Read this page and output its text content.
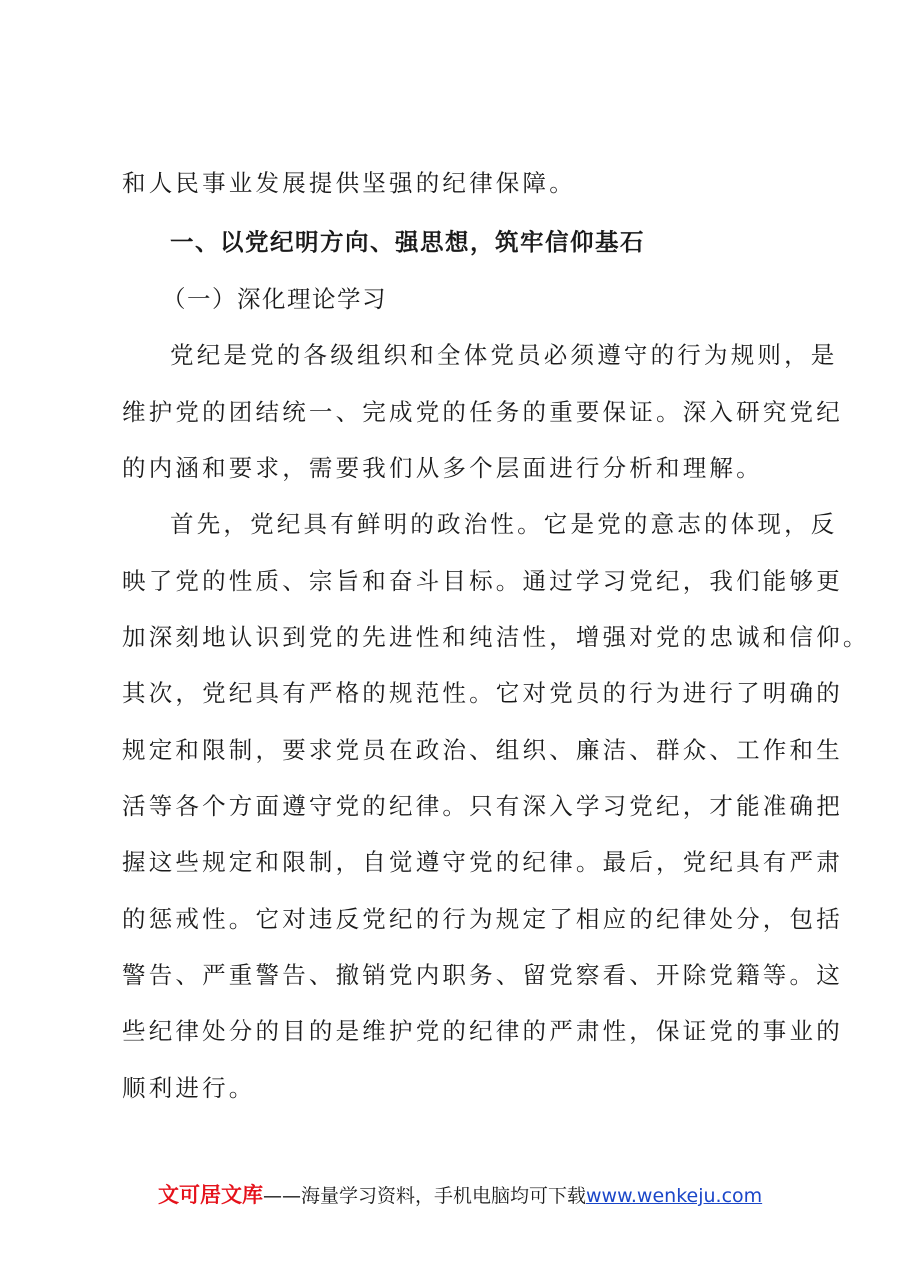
和人民事业发展提供坚强的纪律保障。
一、以党纪明方向、强思想，筑牢信仰基石
（一）深化理论学习
党纪是党的各级组织和全体党员必须遵守的行为规则，是
维护党的团结统一、完成党的任务的重要保证。深入研究党纪
的内涵和要求，需要我们从多个层面进行分析和理解。
首先，党纪具有鲜明的政治性。它是党的意志的体现，反
映了党的性质、宗旨和奋斗目标。通过学习党纪，我们能够更
加深刻地认识到党的先进性和纯洁性，增强对党的忠诚和信仰。
其次，党纪具有严格的规范性。它对党员的行为进行了明确的
规定和限制，要求党员在政治、组织、廉洁、群众、工作和生
活等各个方面遵守党的纪律。只有深入学习党纪，才能准确把
握这些规定和限制，自觉遵守党的纪律。最后，党纪具有严肃
的惩戒性。它对违反党纪的行为规定了相应的纪律处分，包括
警告、严重警告、撤销党内职务、留党察看、开除党籍等。这
些纪律处分的目的是维护党的纪律的严肃性，保证党的事业的
顺利进行。
文可居文库——海量学习资料，手机电脑均可下载www.wenkeju.com
